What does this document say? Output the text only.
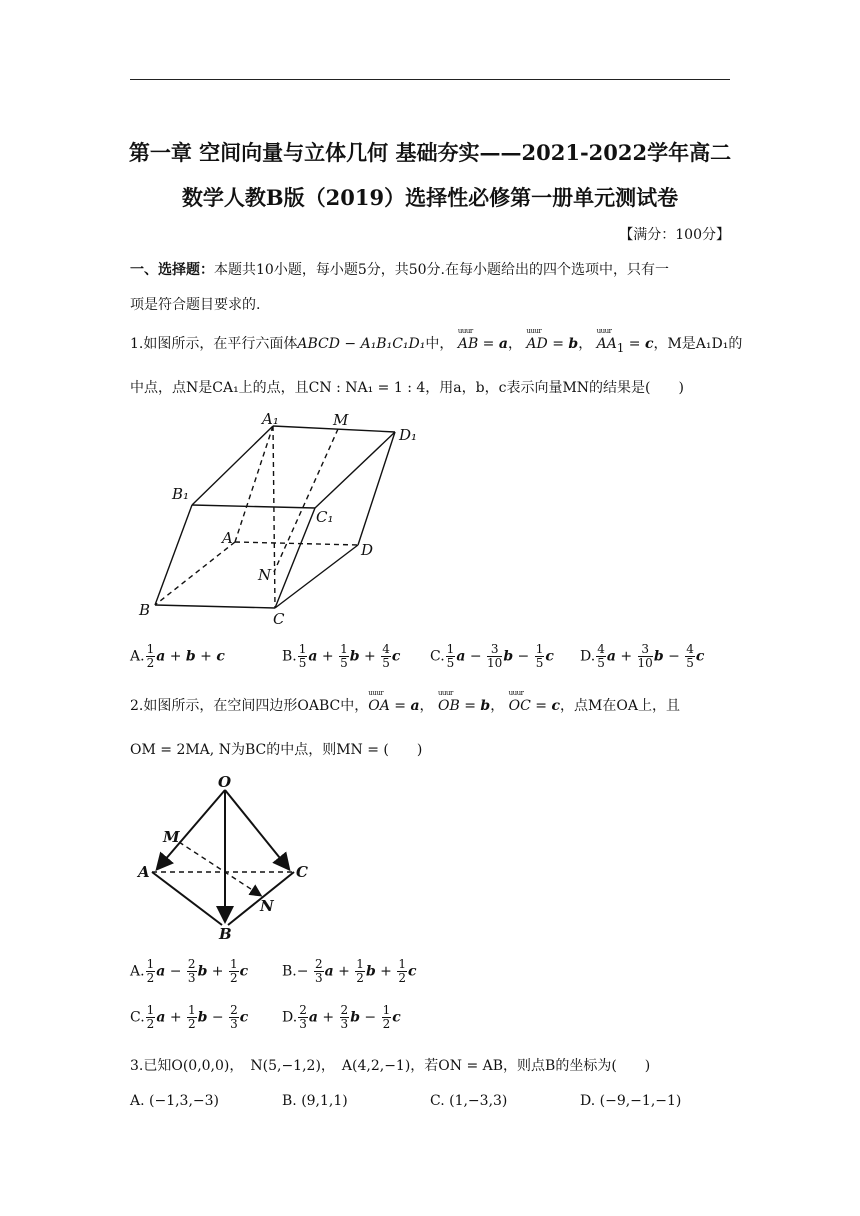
第一章 空间向量与立体几何 基础夯实——2021-2022学年高二
数学人教B版（2019）选择性必修第一册单元测试卷
【满分：100分】
一、选择题：本题共10小题，每小题5分，共50分.在每小题给出的四个选项中，只有一
项是符合题目要求的.
1.如图所示，在平行六面体ABCD − A₁B₁C₁D₁中， uuur AB = a， uuur AD = b， uuur $AA_1 = c$，M是A₁D₁的
中点，点N是CA₁上的点，且CN : NA₁ = 1 : 4，用a，b，c表示向量MN的结果是(　　)
A₁	M
D₁
B₁
C₁
A
D
N
B	C
A. $\frac{1}{2}$ a + b + c	B. $\frac{1}{5}$ $a + \frac{1}{5}$ $b + \frac{4}{5}$ c C. $\frac{1}{5}$ $a - \frac{3}{10}$ $b - \frac{1}{5}$ c D. $\frac{4}{5}$ $a + \frac{3}{10}$ $b - \frac{4}{5}$ c
2.如图所示，在空间四边形OABC中，uuur OA = a， uuur OB = b， uuur OC = c，点M在OA上，且
OM = 2MA, N为BC的中点，则MN = (　　)
O
M
A	C
N
B
A. $\frac{1}{2}$ $a - \frac{2}{3}$ $b + \frac{1}{2}$ c $B.- \frac{2}{3}$ $a + \frac{1}{2}$ $b + \frac{1}{2}$ c
C. $\frac{1}{2}$ $a + \frac{1}{2}$ $b - \frac{2}{3}$ c D. $\frac{2}{3}$ $a + \frac{2}{3}$ $b - \frac{1}{2}$ c
3.已知O(0,0,0)，　N(5,−1,2)，　A(4,2,−1)，若ON = AB，则点B的坐标为(　　)
A. (−1,3,−3)	B. (9,1,1)	C. (1,−3,3)	D. (−9,−1,−1)
